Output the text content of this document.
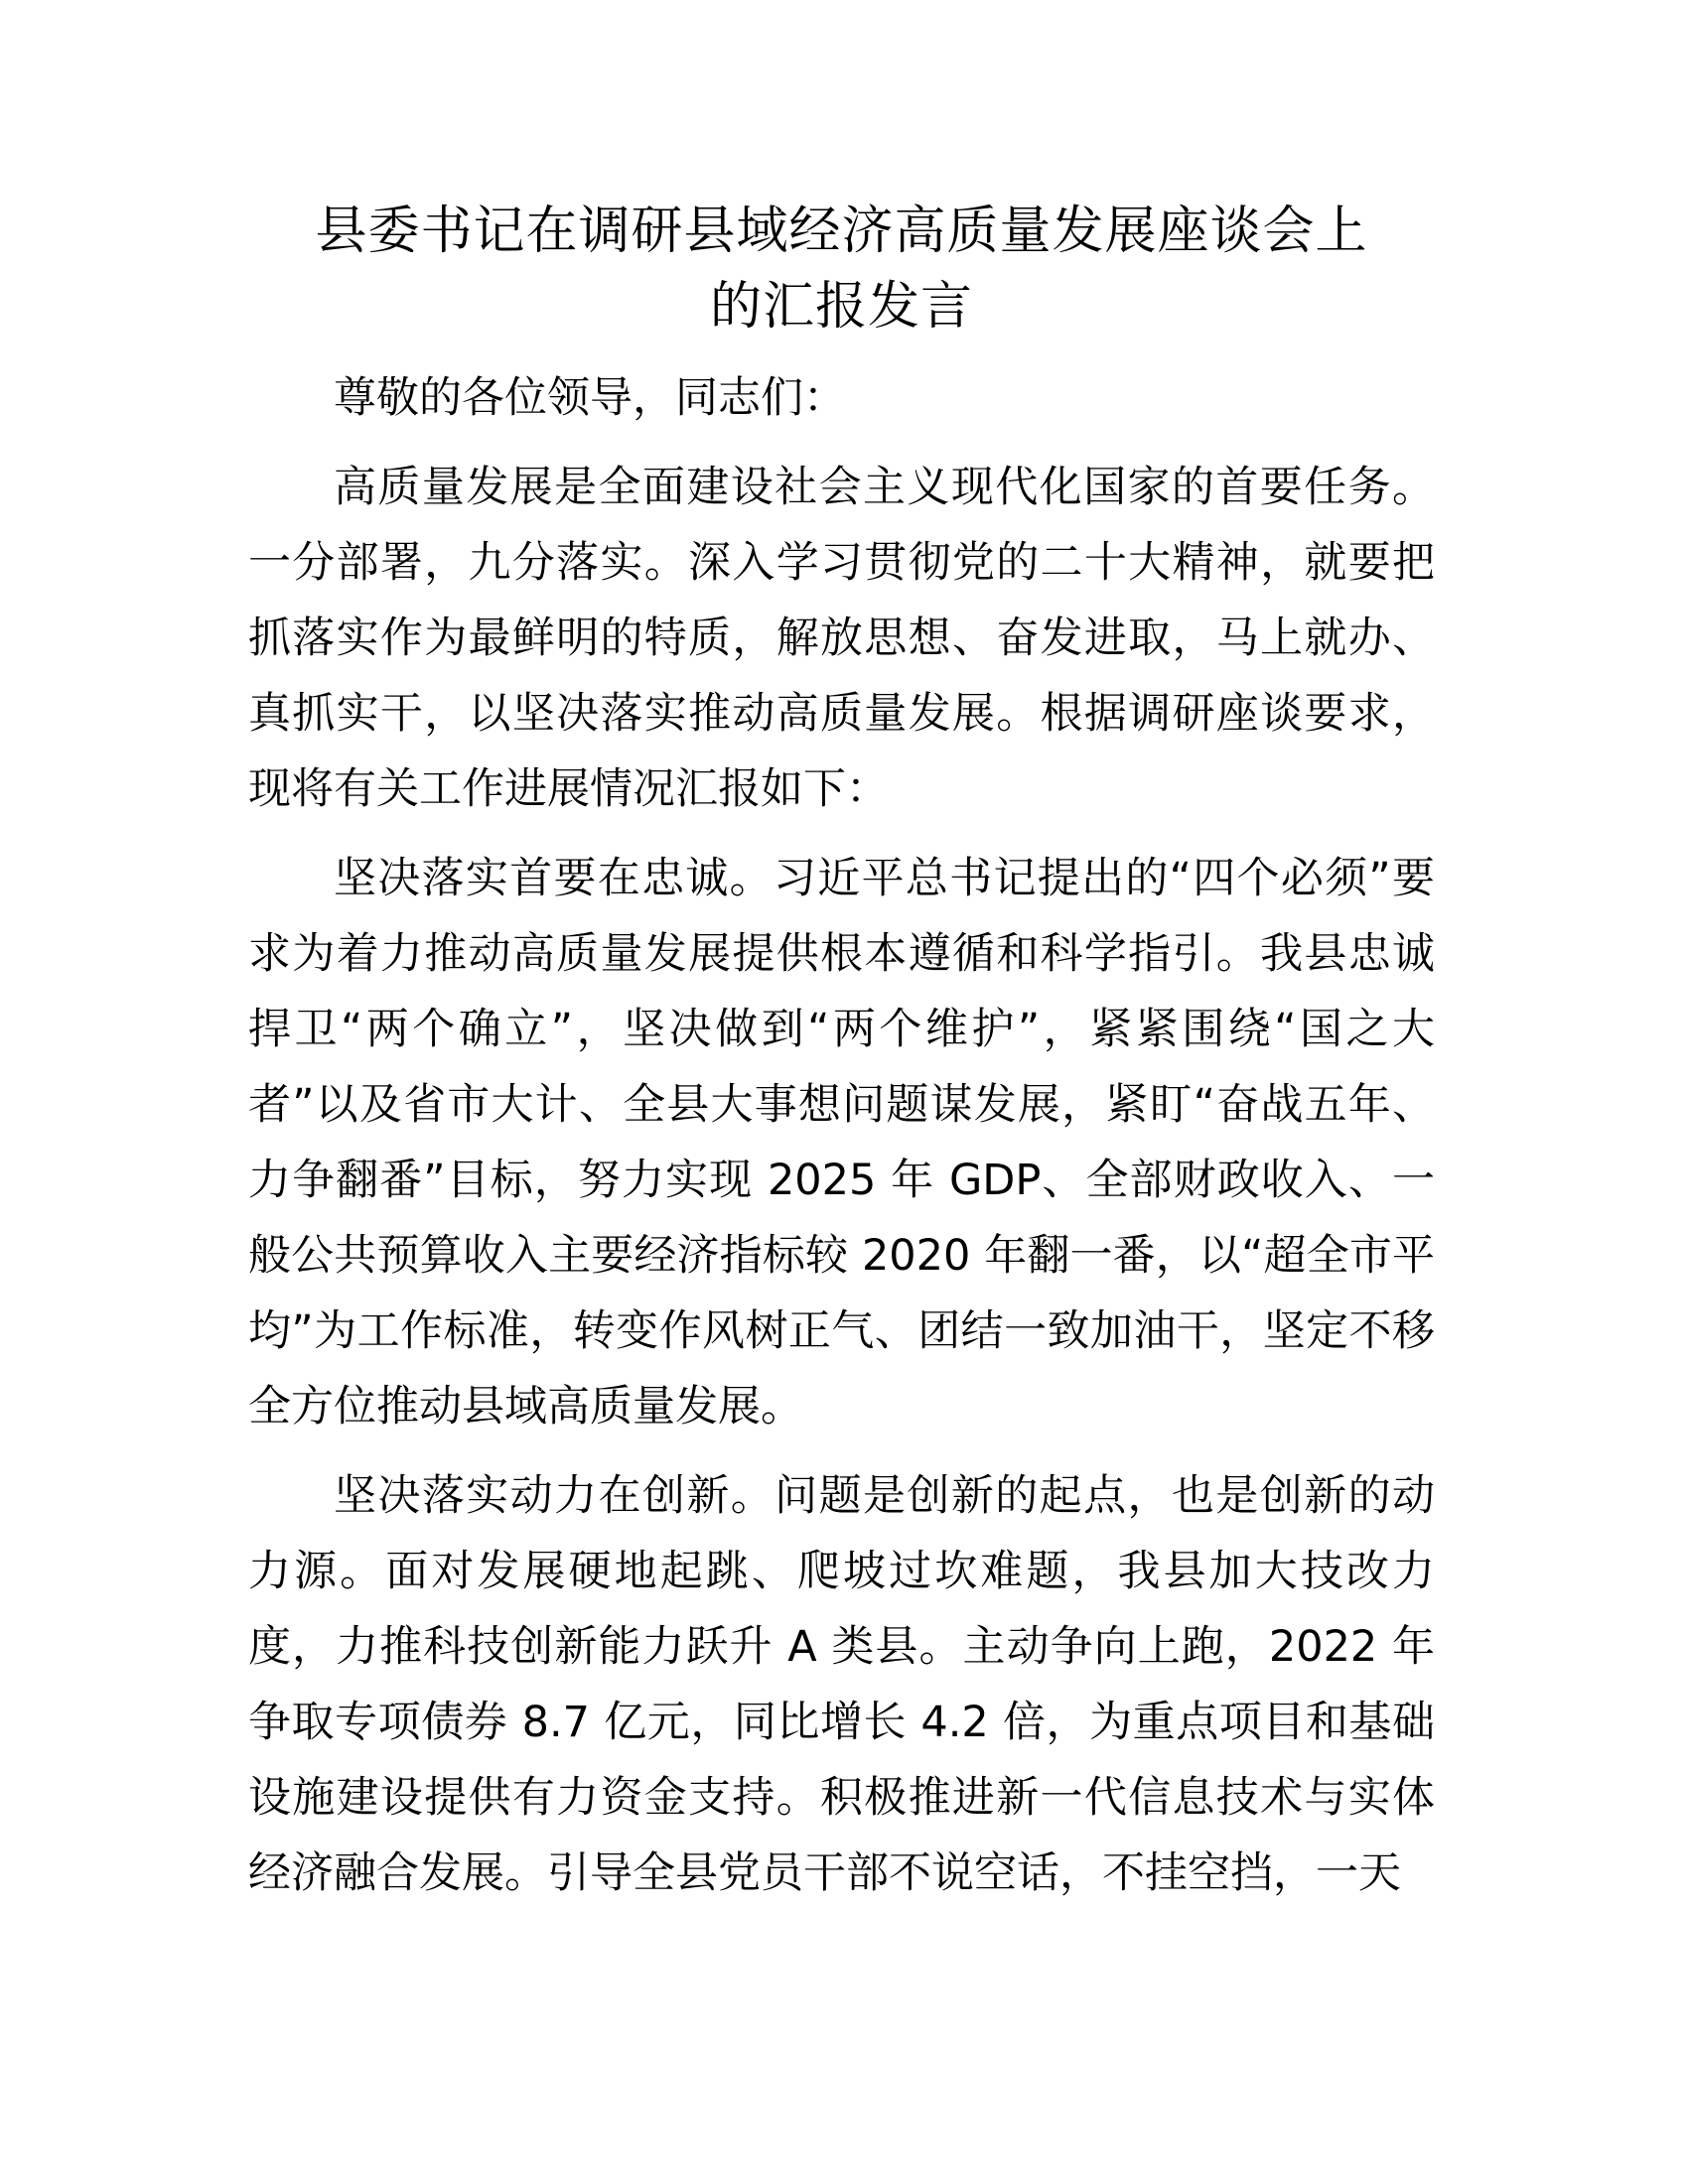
县委书记在调研县域经济高质量发展座谈会上
的汇报发言

尊敬的各位领导，同志们：

高质量发展是全面建设社会主义现代化国家的首要任务。一分部署，九分落实。深入学习贯彻党的二十大精神，就要把抓落实作为最鲜明的特质，解放思想、奋发进取，马上就办、真抓实干，以坚决落实推动高质量发展。根据调研座谈要求，现将有关工作进展情况汇报如下：

坚决落实首要在忠诚。习近平总书记提出的“四个必须”要求为着力推动高质量发展提供根本遵循和科学指引。我县忠诚捍卫“两个确立”，坚决做到“两个维护”，紧紧围绕“国之大者”以及省市大计、全县大事想问题谋发展，紧盯“奋战五年、力争翻番”目标，努力实现 2025 年 GDP、全部财政收入、一般公共预算收入主要经济指标较 2020 年翻一番，以“超全市平均”为工作标准，转变作风树正气、团结一致加油干，坚定不移全方位推动县域高质量发展。

坚决落实动力在创新。问题是创新的起点，也是创新的动力源。面对发展硬地起跳、爬坡过坎难题，我县加大技改力度，力推科技创新能力跃升 A 类县。主动争向上跑，2022 年争取专项债券 8.7 亿元，同比增长 4.2 倍，为重点项目和基础设施建设提供有力资金支持。积极推进新一代信息技术与实体经济融合发展。引导全县党员干部不说空话，不挂空挡，一天
